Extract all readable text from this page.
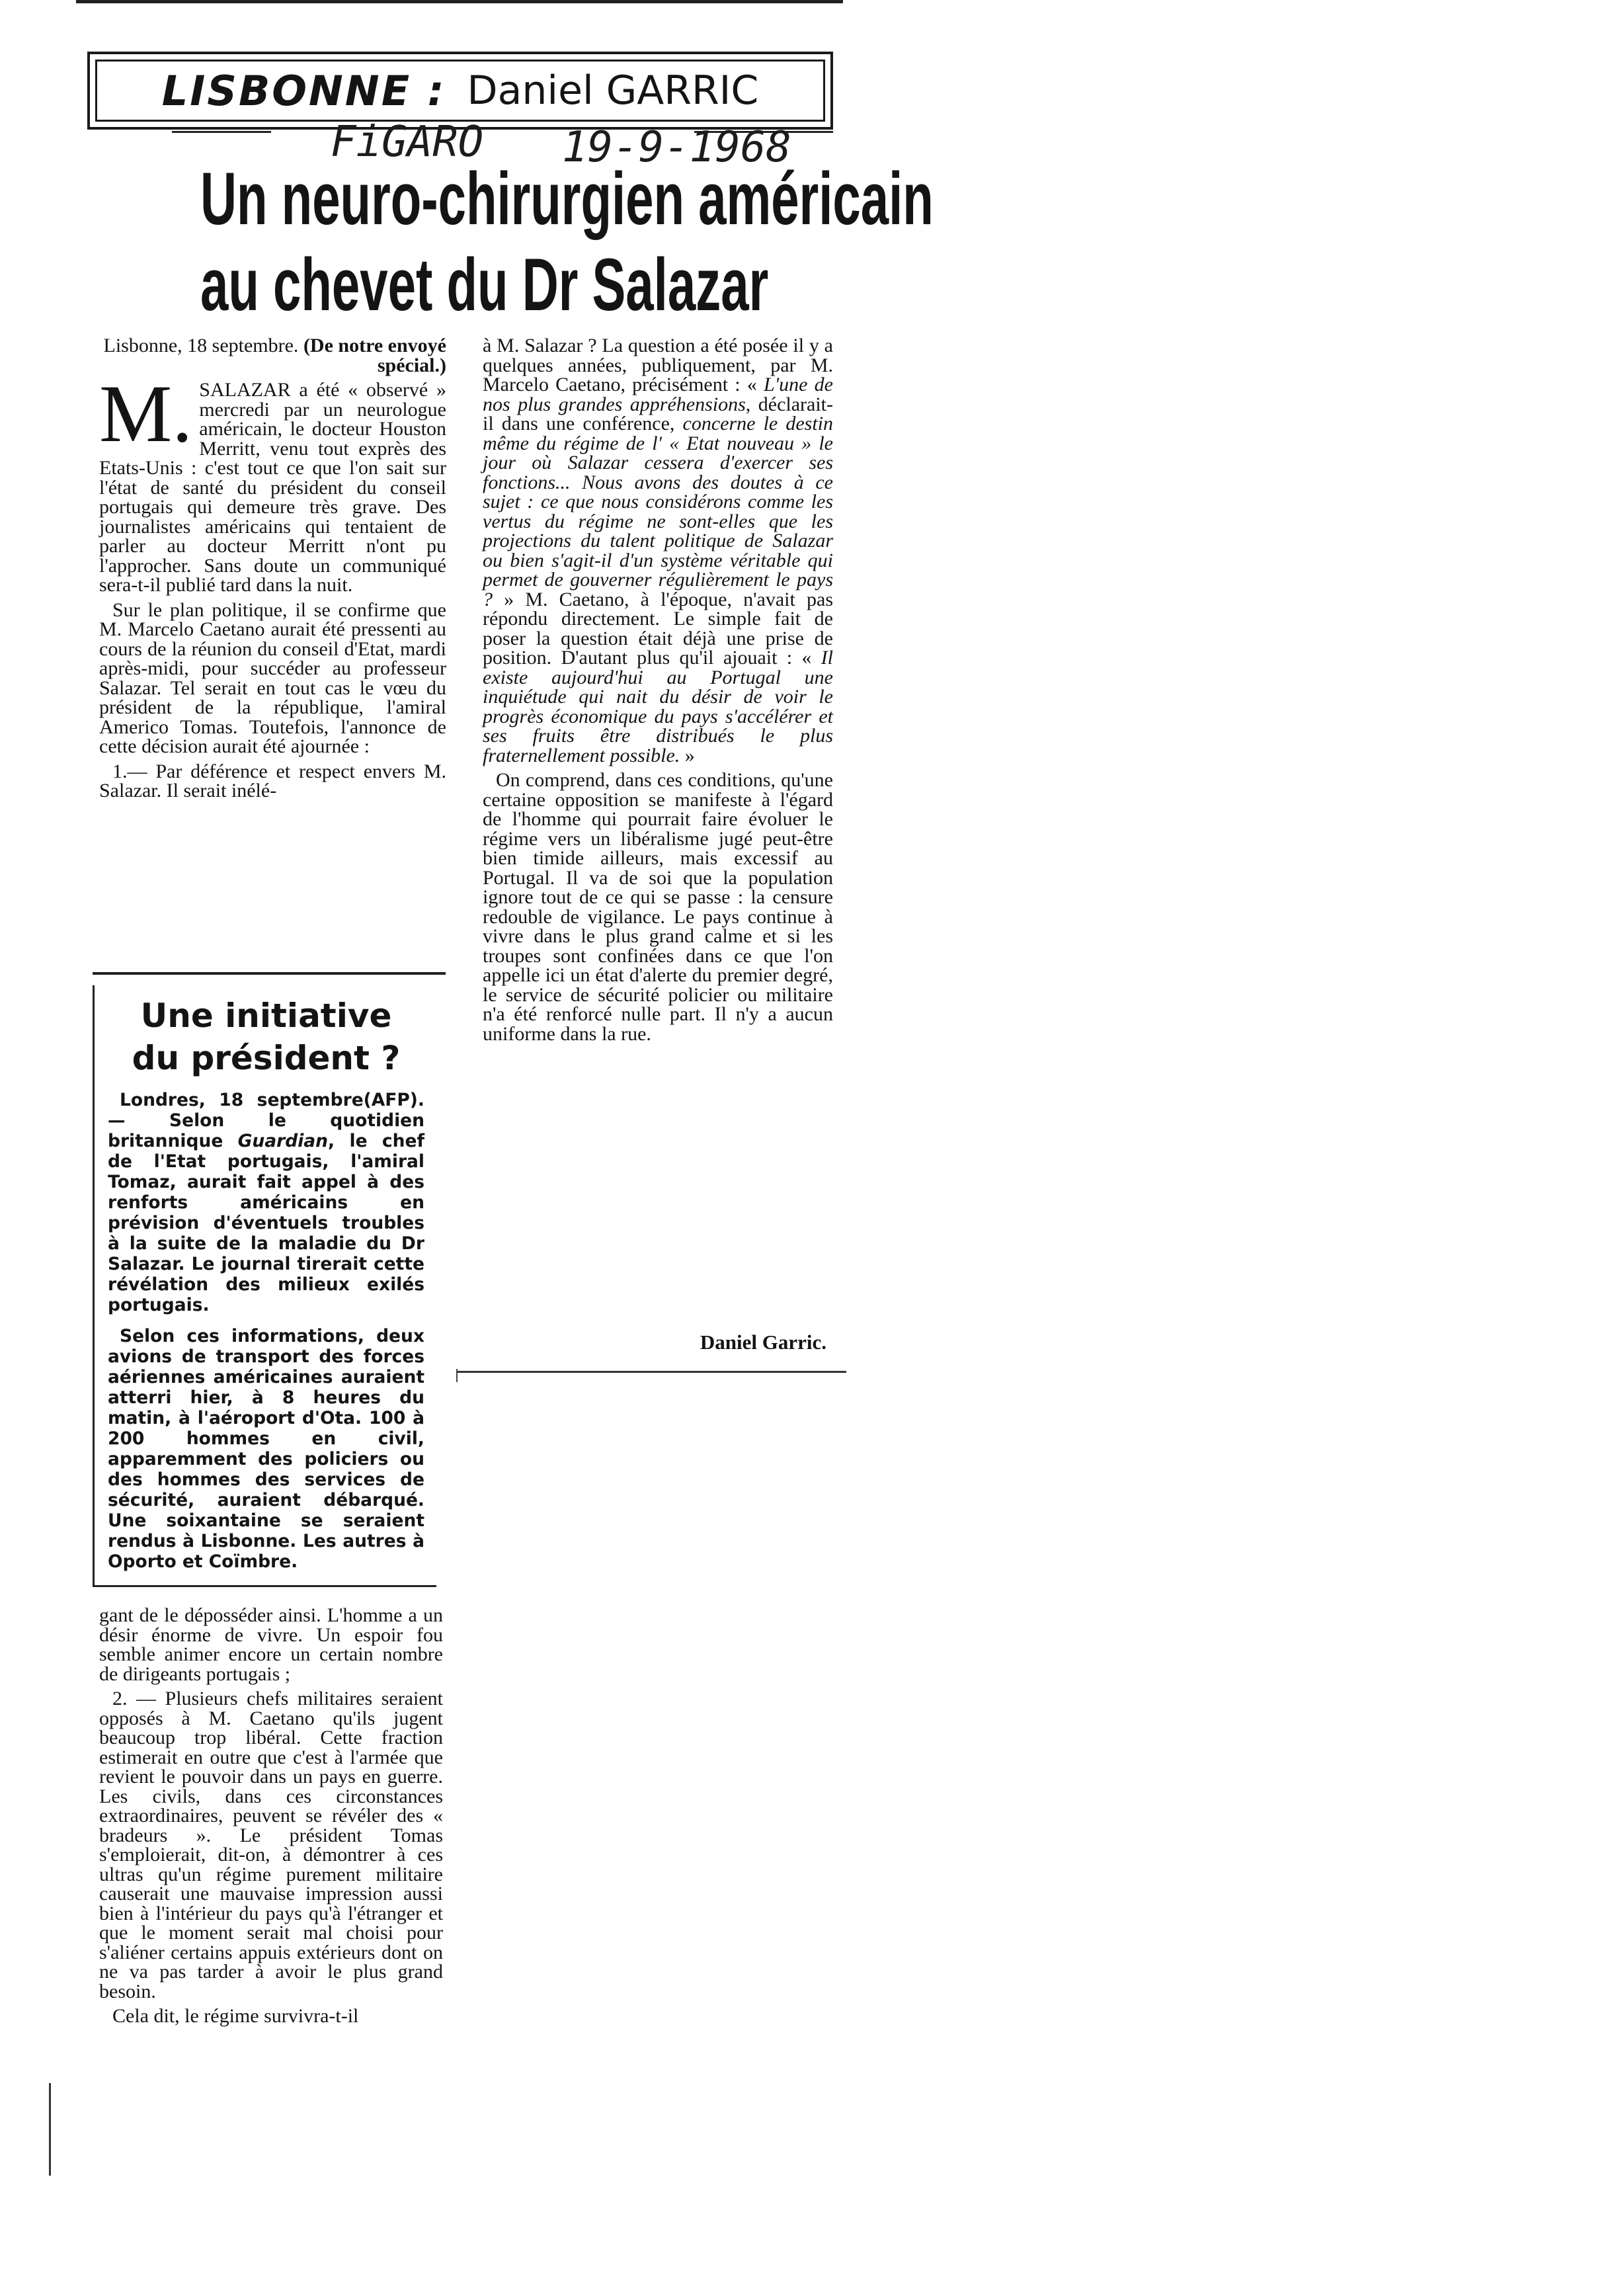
LISBONNE : Daniel GARRIC
FiGARO 19-9-1968
Un neuro-chirurgien américain
au chevet du Dr Salazar

Lisbonne, 18 septembre. (De notre envoyé spécial.)

M. SALAZAR a été « observé » mercredi par un neurologue américain, le docteur Houston Merritt, venu tout exprès des Etats-Unis : c'est tout ce que l'on sait sur l'état de santé du président du conseil portugais qui demeure très grave. Des journalistes américains qui tentaient de parler au docteur Merritt n'ont pu l'approcher. Sans doute un communiqué sera-t-il publié tard dans la nuit.

Sur le plan politique, il se confirme que M. Marcelo Caetano aurait été pressenti au cours de la réunion du conseil d'Etat, mardi après-midi, pour succéder au professeur Salazar. Tel serait en tout cas le vœu du président de la république, l'amiral Americo Tomas. Toutefois, l'annonce de cette décision aurait été ajournée :

1.— Par déférence et respect envers M. Salazar. Il serait inélé-

Une initiative
du président ?

Londres, 18 septembre(AFP). — Selon le quotidien britannique Guardian, le chef de l'Etat portugais, l'amiral Tomaz, aurait fait appel à des renforts américains en prévision d'éventuels troubles à la suite de la maladie du Dr Salazar. Le journal tirerait cette révélation des milieux exilés portugais.

Selon ces informations, deux avions de transport des forces aériennes américaines auraient atterri hier, à 8 heures du matin, à l'aéroport d'Ota. 100 à 200 hommes en civil, apparemment des policiers ou des hommes des services de sécurité, auraient débarqué. Une soixantaine se seraient rendus à Lisbonne. Les autres à Oporto et Coïmbre.

gant de le déposséder ainsi. L'homme a un désir énorme de vivre. Un espoir fou semble animer encore un certain nombre de dirigeants portugais ;

2. — Plusieurs chefs militaires seraient opposés à M. Caetano qu'ils jugent beaucoup trop libéral. Cette fraction estimerait en outre que c'est à l'armée que revient le pouvoir dans un pays en guerre. Les civils, dans ces circonstances extraordinaires, peuvent se révéler des « bradeurs ». Le président Tomas s'emploierait, dit-on, à démontrer à ces ultras qu'un régime purement militaire causerait une mauvaise impression aussi bien à l'intérieur du pays qu'à l'étranger et que le moment serait mal choisi pour s'aliéner certains appuis extérieurs dont on ne va pas tarder à avoir le plus grand besoin.

Cela dit, le régime survivra-t-il

à M. Salazar ? La question a été posée il y a quelques années, publiquement, par M. Marcelo Caetano, précisément : « L'une de nos plus grandes appréhensions, déclarait-il dans une conférence, concerne le destin même du régime de l' « Etat nouveau » le jour où Salazar cessera d'exercer ses fonctions... Nous avons des doutes à ce sujet : ce que nous considérons comme les vertus du régime ne sont-elles que les projections du talent politique de Salazar ou bien s'agit-il d'un système véritable qui permet de gouverner régulièrement le pays ? » M. Caetano, à l'époque, n'avait pas répondu directement. Le simple fait de poser la question était déjà une prise de position. D'autant plus qu'il ajouait : « Il existe aujourd'hui au Portugal une inquiétude qui nait du désir de voir le progrès économique du pays s'accélérer et ses fruits être distribués le plus fraternellement possible. »

On comprend, dans ces conditions, qu'une certaine opposition se manifeste à l'égard de l'homme qui pourrait faire évoluer le régime vers un libéralisme jugé peut-être bien timide ailleurs, mais excessif au Portugal. Il va de soi que la population ignore tout de ce qui se passe : la censure redouble de vigilance. Le pays continue à vivre dans le plus grand calme et si les troupes sont confinées dans ce que l'on appelle ici un état d'alerte du premier degré, le service de sécurité policier ou militaire n'a été renforcé nulle part. Il n'y a aucun uniforme dans la rue.

Daniel Garric.
